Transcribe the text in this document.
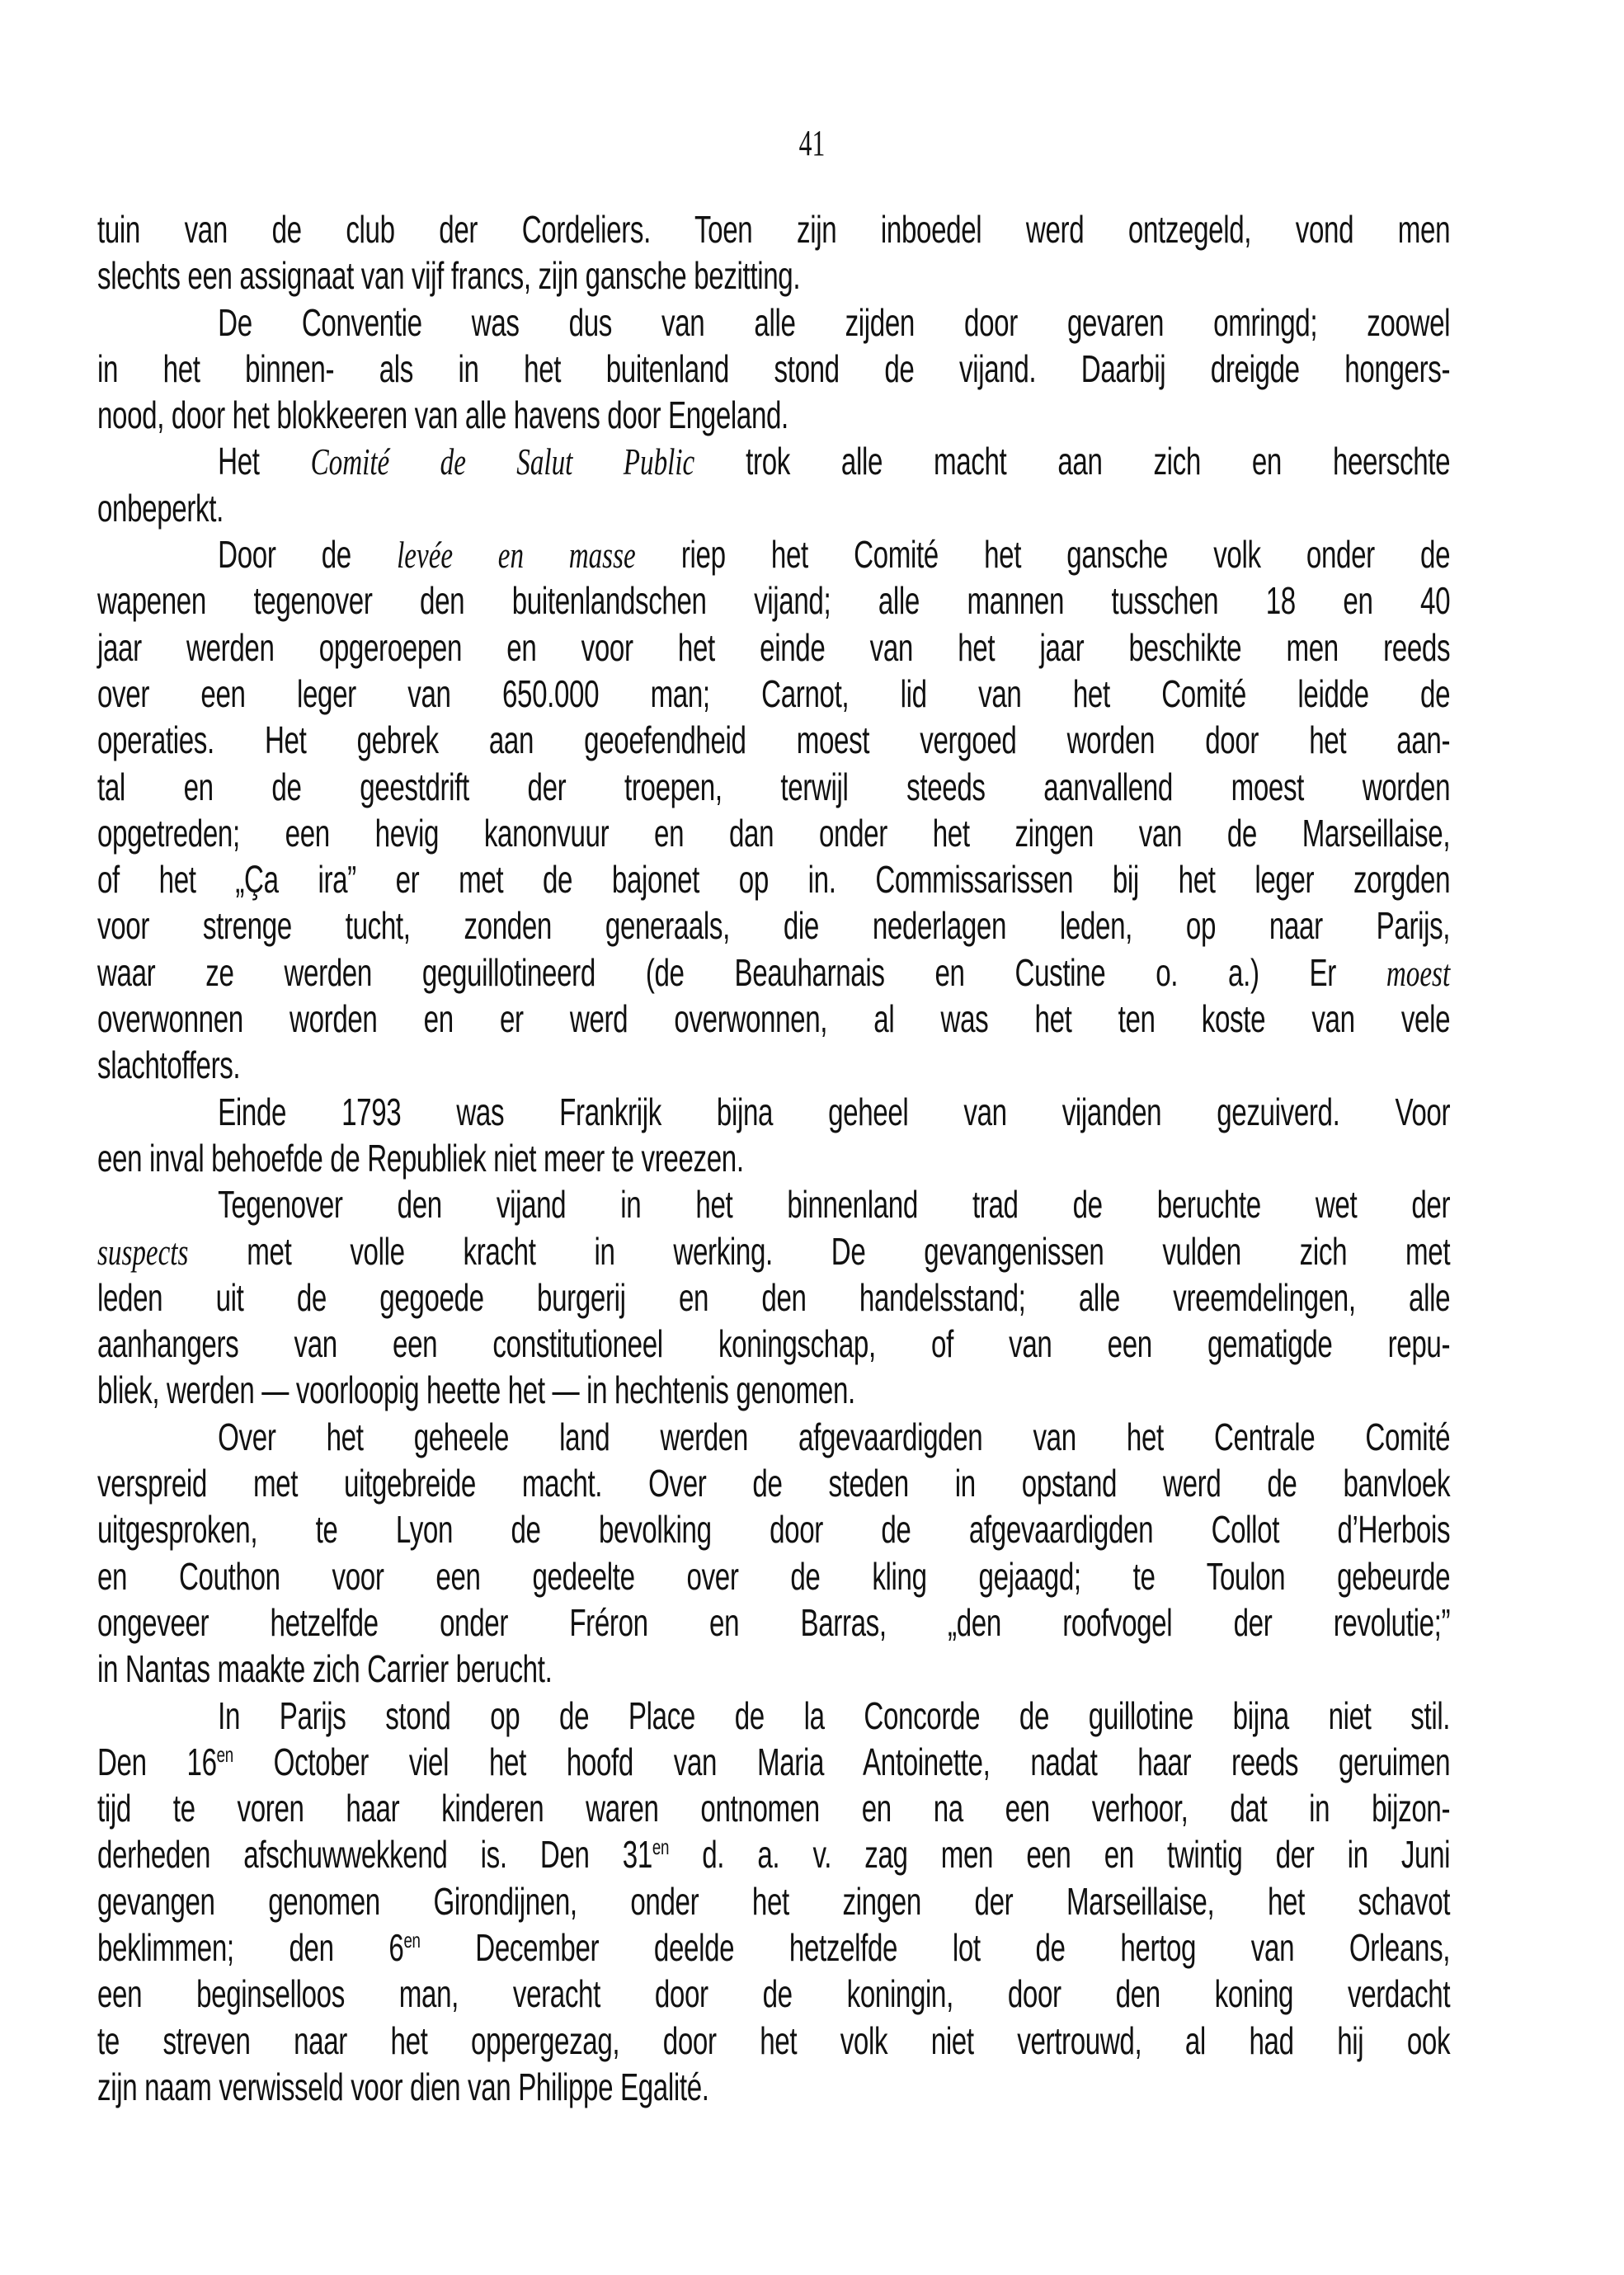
41
tuin van de club der Cordeliers. Toen zijn inboedel werd ontzegeld, vond men
slechts een assignaat van vijf francs, zijn gansche bezitting.
De Conventie was dus van alle zijden door gevaren omringd; zoowel
in het binnen- als in het buitenland stond de vijand. Daarbij dreigde hongers-
nood, door het blokkeeren van alle havens door Engeland.
Het Comité de Salut Public trok alle macht aan zich en heerschte
onbeperkt.
Door de levée en masse riep het Comité het gansche volk onder de
wapenen tegenover den buitenlandschen vijand; alle mannen tusschen 18 en 40
jaar werden opgeroepen en voor het einde van het jaar beschikte men reeds
over een leger van 650.000 man; Carnot, lid van het Comité leidde de
operaties. Het gebrek aan geoefendheid moest vergoed worden door het aan-
tal en de geestdrift der troepen, terwijl steeds aanvallend moest worden
opgetreden; een hevig kanonvuur en dan onder het zingen van de Marseillaise,
of het „Ça ira” er met de bajonet op in. Commissarissen bij het leger zorgden
voor strenge tucht, zonden generaals, die nederlagen leden, op naar Parijs,
waar ze werden geguillotineerd (de Beauharnais en Custine o. a.) Er moest
overwonnen worden en er werd overwonnen, al was het ten koste van vele
slachtoffers.
Einde 1793 was Frankrijk bijna geheel van vijanden gezuiverd. Voor
een inval behoefde de Republiek niet meer te vreezen.
Tegenover den vijand in het binnenland trad de beruchte wet der
suspects met volle kracht in werking. De gevangenissen vulden zich met
leden uit de gegoede burgerij en den handelsstand; alle vreemdelingen, alle
aanhangers van een constitutioneel koningschap, of van een gematigde repu-
bliek, werden — voorloopig heette het — in hechtenis genomen.
Over het geheele land werden afgevaardigden van het Centrale Comité
verspreid met uitgebreide macht. Over de steden in opstand werd de banvloek
uitgesproken, te Lyon de bevolking door de afgevaardigden Collot d’Herbois
en Couthon voor een gedeelte over de kling gejaagd; te Toulon gebeurde
ongeveer hetzelfde onder Fréron en Barras, „den roofvogel der revolutie;”
in Nantas maakte zich Carrier berucht.
In Parijs stond op de Place de la Concorde de guillotine bijna niet stil.
Den $16^{en}$ October viel het hoofd van Maria Antoinette, nadat haar reeds geruimen
tijd te voren haar kinderen waren ontnomen en na een verhoor, dat in bijzon-
derheden afschuwwekkend is. Den $31^{en}$ d. a. v. zag men een en twintig der in Juni
gevangen genomen Girondijnen, onder het zingen der Marseillaise, het schavot
beklimmen; den $6^{en}$ December deelde hetzelfde lot de hertog van Orleans,
een beginselloos man, veracht door de koningin, door den koning verdacht
te streven naar het oppergezag, door het volk niet vertrouwd, al had hij ook
zijn naam verwisseld voor dien van Philippe Egalité.
